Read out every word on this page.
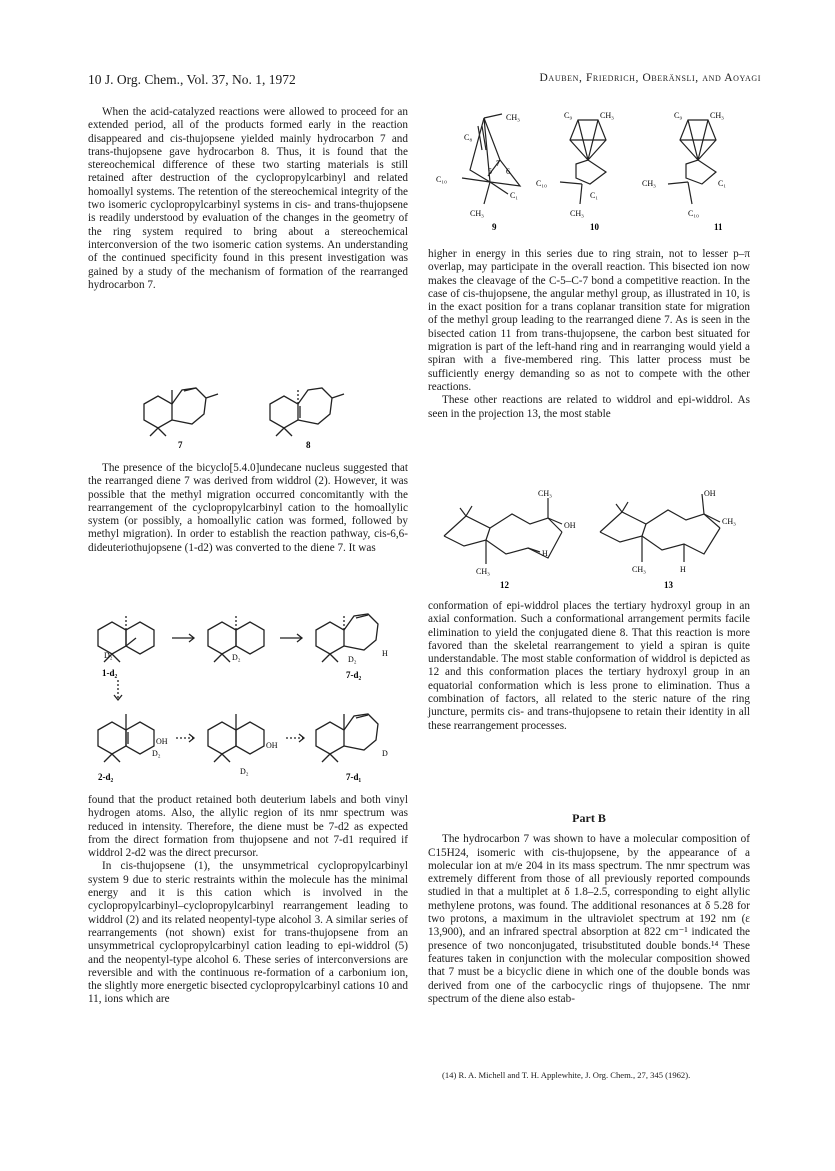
10 J. Org. Chem., Vol. 37, No. 1, 1972	Dauben, Friedrich, Oberänsli, and Aoyagi

When the acid-catalyzed reactions were allowed to proceed for an extended period, all of the products formed early in the reaction disappeared and cis-thujopsene yielded mainly hydrocarbon 7 and trans-thujopsene gave hydrocarbon 8. Thus, it is found that the stereochemical difference of these two starting materials is still retained after destruction of the cyclopropylcarbinyl and related homoallyl systems. The retention of the stereochemical integrity of the two isomeric cyclopropylcarbinyl systems in cis- and trans-thujopsene is readily understood by evaluation of the changes in the geometry of the ring system required to bring about a stereochemical interconversion of the two isomeric cation systems. An understanding of the continued specificity found in this present investigation was gained by a study of the mechanism of formation of the rearranged hydrocarbon 7.

7	8

The presence of the bicyclo[5.4.0]undecane nucleus suggested that the rearranged diene 7 was derived from widdrol (2). However, it was possible that the methyl migration occurred concomitantly with the rearrangement of the cyclopropylcarbinyl cation to the homoallylic system (or possibly, a homoallylic cation was formed, followed by methyl migration). In order to establish the reaction pathway, cis-6,6-dideuteriothujopsene (1-d2) was converted to the diene 7. It was

D₂
1-d₂
D₂	H
D₂
7-d₂
OH
D₂
2-d₂
OH
D₂
D
7-d₁

found that the product retained both deuterium labels and both vinyl hydrogen atoms. Also, the allylic region of its nmr spectrum was reduced in intensity. Therefore, the diene must be 7-d2 as expected from the direct formation from thujopsene and not 7-d1 required if widdrol 2-d2 was the direct precursor.

In cis-thujopsene (1), the unsymmetrical cyclopropylcarbinyl system 9 due to steric restraints within the molecule has the minimal energy and it is this cation which is involved in the cyclopropylcarbinyl–cyclopropylcarbinyl rearrangement leading to widdrol (2) and its related neopentyl-type alcohol 3. A similar series of rearrangements (not shown) exist for trans-thujopsene from an unsymmetrical cyclopropylcarbinyl cation leading to epi-widdrol (5) and the neopentyl-type alcohol 6. These series of interconversions are reversible and with the continuous re-formation of a carbonium ion, the slightly more energetic bisected cyclopropylcarbinyl cations 10 and 11, ions which are

CH₃
C₈
7
5 6
C₁₀
C₁
CH₃
9
C₉	CH₃
C₁₀
C₁
CH₃
10
C₉	CH₃
CH₃	C₁
C₁₀
11

higher in energy in this series due to ring strain, not to lesser p–π overlap, may participate in the overall reaction. This bisected ion now makes the cleavage of the C-5–C-7 bond a competitive reaction. In the case of cis-thujopsene, the angular methyl group, as illustrated in 10, is in the exact position for a trans coplanar transition state for migration of the methyl group leading to the rearranged diene 7. As is seen in the bisected cation 11 from trans-thujopsene, the carbon best situated for migration is part of the left-hand ring and in rearranging would yield a spiran with a five-membered ring. This latter process must be sufficiently energy demanding so as not to compete with the other reactions.

These other reactions are related to widdrol and epi-widdrol. As seen in the projection 13, the most stable

CH₃
OH
H
CH₃
12
OH
CH₃
H
CH₃
13

conformation of epi-widdrol places the tertiary hydroxyl group in an axial conformation. Such a conformational arrangement permits facile elimination to yield the conjugated diene 8. That this reaction is more favored than the skeletal rearrangement to yield a spiran is quite understandable. The most stable conformation of widdrol is depicted as 12 and this conformation places the tertiary hydroxyl group in an equatorial conformation which is less prone to elimination. Thus a combination of factors, all related to the steric nature of the ring juncture, permits cis- and trans-thujopsene to retain their identity in all these rearrangement processes.

Part B

The hydrocarbon 7 was shown to have a molecular composition of C15H24, isomeric with cis-thujopsene, by the appearance of a molecular ion at m/e 204 in its mass spectrum. The nmr spectrum was extremely different from those of all previously reported compounds studied in that a multiplet at δ 1.8–2.5, corresponding to eight allylic methylene protons, was found. The additional resonances at δ 5.28 for two protons, a maximum in the ultraviolet spectrum at 192 nm (ε 13,900), and an infrared spectral absorption at 822 cm⁻¹ indicated the presence of two nonconjugated, trisubstituted double bonds.¹⁴ These features taken in conjunction with the molecular composition showed that 7 must be a bicyclic diene in which one of the double bonds was derived from one of the carbocyclic rings of thujopsene. The nmr spectrum of the diene also estab-

(14) R. A. Michell and T. H. Applewhite, J. Org. Chem., 27, 345 (1962).
